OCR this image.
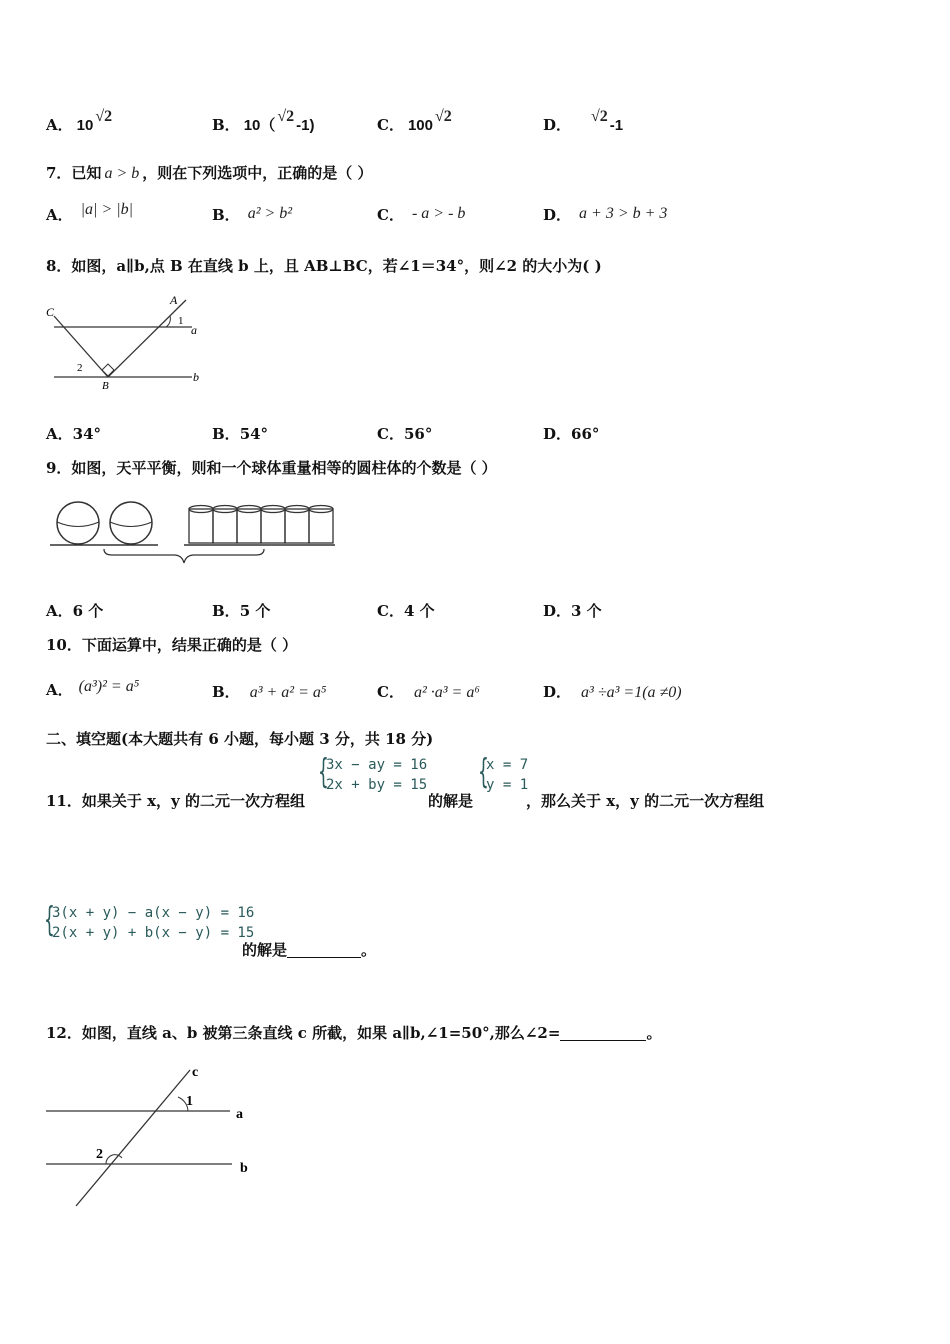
A． 10√2	B． 10（√2-1)	C． 100√2	D． √2-1
7．已知 a > b ，则在下列选项中，正确的是（ ）
A． |a| > |b|	B． a² > b²	C． - a > - b	D． a + 3 > b + 3
8．如图，a∥b,点 B 在直线 b 上，且 AB⊥BC，若∠1＝34°，则∠2 的大小为( )
C
A
1
a
2
B
b
A．34°	B．54°	C．56°	D．66°
9．如图，天平平衡，则和一个球体重量相等的圆柱体的个数是（ ）
A．6 个	B．5 个	C．4 个	D．3 个
10．下面运算中，结果正确的是（ ）
A． (a³)² = a⁵	B． a³ + a² = a⁵	C． a² ·a³ = a⁶	D． a³ ÷a³ =1(a ≠0)
二、填空题(本大题共有 6 小题，每小题 3 分，共 18 分)
11．如果关于 x，y 的二元一次方程组
{
3x − ay = 16
2x + by = 15
的解是
{
x = 7
y = 1
，那么关于 x，y 的二元一次方程组
{
3(x + y) − a(x − y) = 16
2(x + y) + b(x − y) = 15
的解是	。
12．如图，直线 a、b 被第三条直线 c 所截，如果 a∥b,∠1=50°,那么∠2=	。
c
1
a
2
b
